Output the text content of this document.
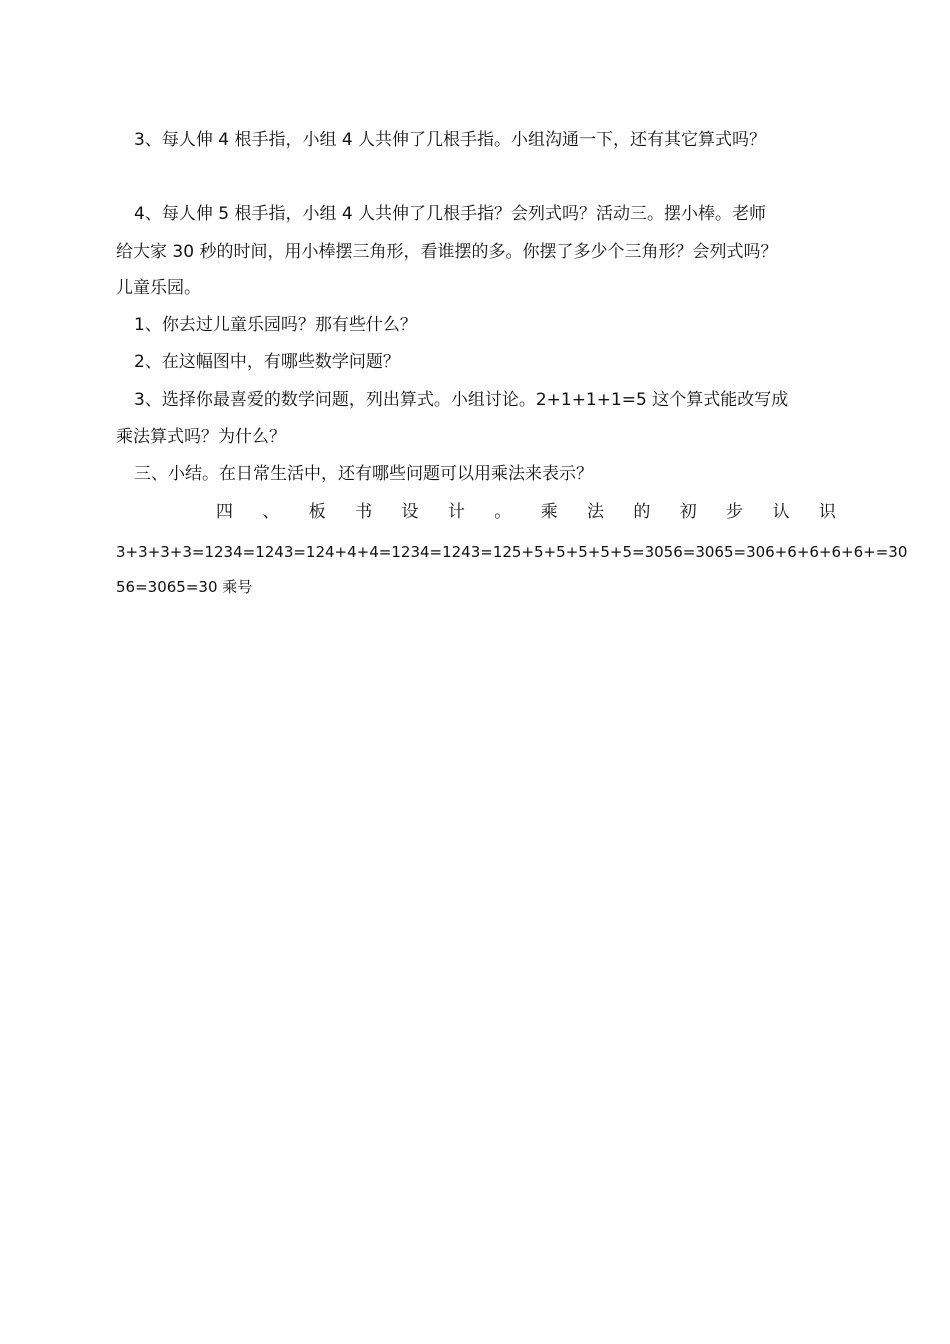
3、每人伸 4 根手指，小组 4 人共伸了几根手指。小组沟通一下，还有其它算式吗？
4、每人伸 5 根手指，小组 4 人共伸了几根手指？会列式吗？活动三。摆小棒。老师
给大家 30 秒的时间，用小棒摆三角形，看谁摆的多。你摆了多少个三角形？会列式吗？
儿童乐园。
1、你去过儿童乐园吗？那有些什么？
2、在这幅图中，有哪些数学问题？
3、选择你最喜爱的数学问题，列出算式。小组讨论。2+1+1+1=5 这个算式能改写成
乘法算式吗？为什么？
三、小结。在日常生活中，还有哪些问题可以用乘法来表示？
四 、 板 书 设 计 。 乘 法 的 初 步 认 识
3+3+3+3=1234=1243=124+4+4=1234=1243=125+5+5+5+5+5=3056=3065=306+6+6+6+6+=30
56=3065=30 乘号
